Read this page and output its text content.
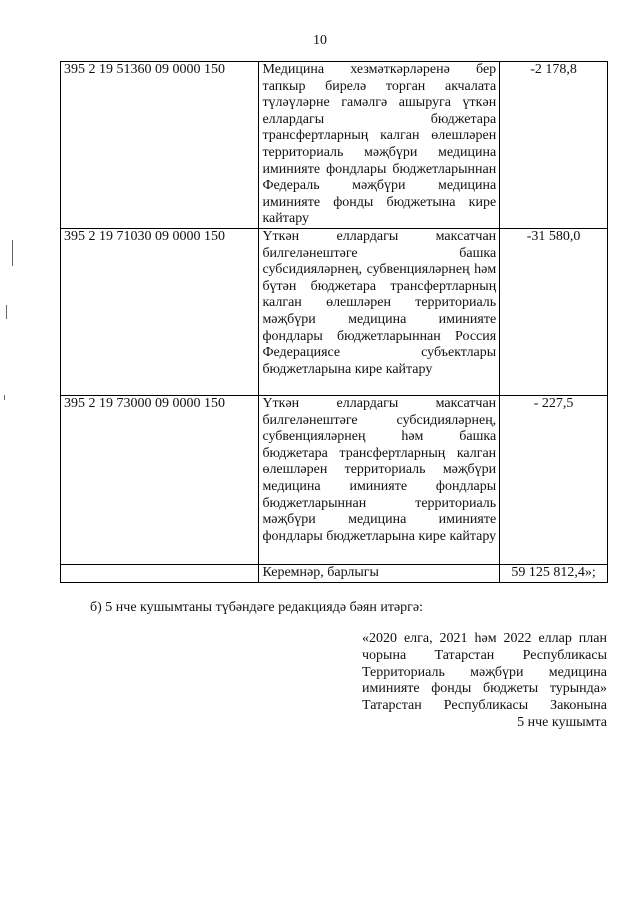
10
395 2 19 51360 09 0000 150	Медицина хезмәткәрләренә бер тапкыр бирелә торган акчалата түләүләрне гамәлгә ашыруга үткән еллардагы бюджетара трансфертларның калган өлешләрен территориаль мәҗбүри медицина иминияте фондлары бюджетларыннан Федераль мәҗбүри медицина иминияте фонды бюджетына кире кайтару	-2 178,8
395 2 19 71030 09 0000 150	Үткән еллардагы максатчан билгеләнештәге башка субсидияләрнең, субвенцияләрнең һәм бүтән бюджетара трансфертларның калган өлешләрен территориаль мәҗбүри медицина иминияте фондлары бюджетларыннан Россия Федерациясе субъектлары бюджетларына кире кайтару	-31 580,0
395 2 19 73000 09 0000 150	Үткән еллардагы максатчан билгеләнештәге субсидияләрнең, субвенцияләрнең һәм башка бюджетара трансфертларның калган өлешләрен территориаль мәҗбүри медицина иминияте фондлары бюджетларыннан территориаль мәҗбүри медицина иминияте фондлары бюджетларына кире кайтару	- 227,5
	Керемнәр, барлыгы	59 125 812,4»;
б) 5 нче кушымтаны түбәндәге редакциядә бәян итәргә:
«2020 елга, 2021 һәм 2022 еллар план чорына Татарстан Республикасы Территориаль мәҗбүри медицина иминияте фонды бюджеты турында» Татарстан Республикасы Законына
5 нче кушымта
